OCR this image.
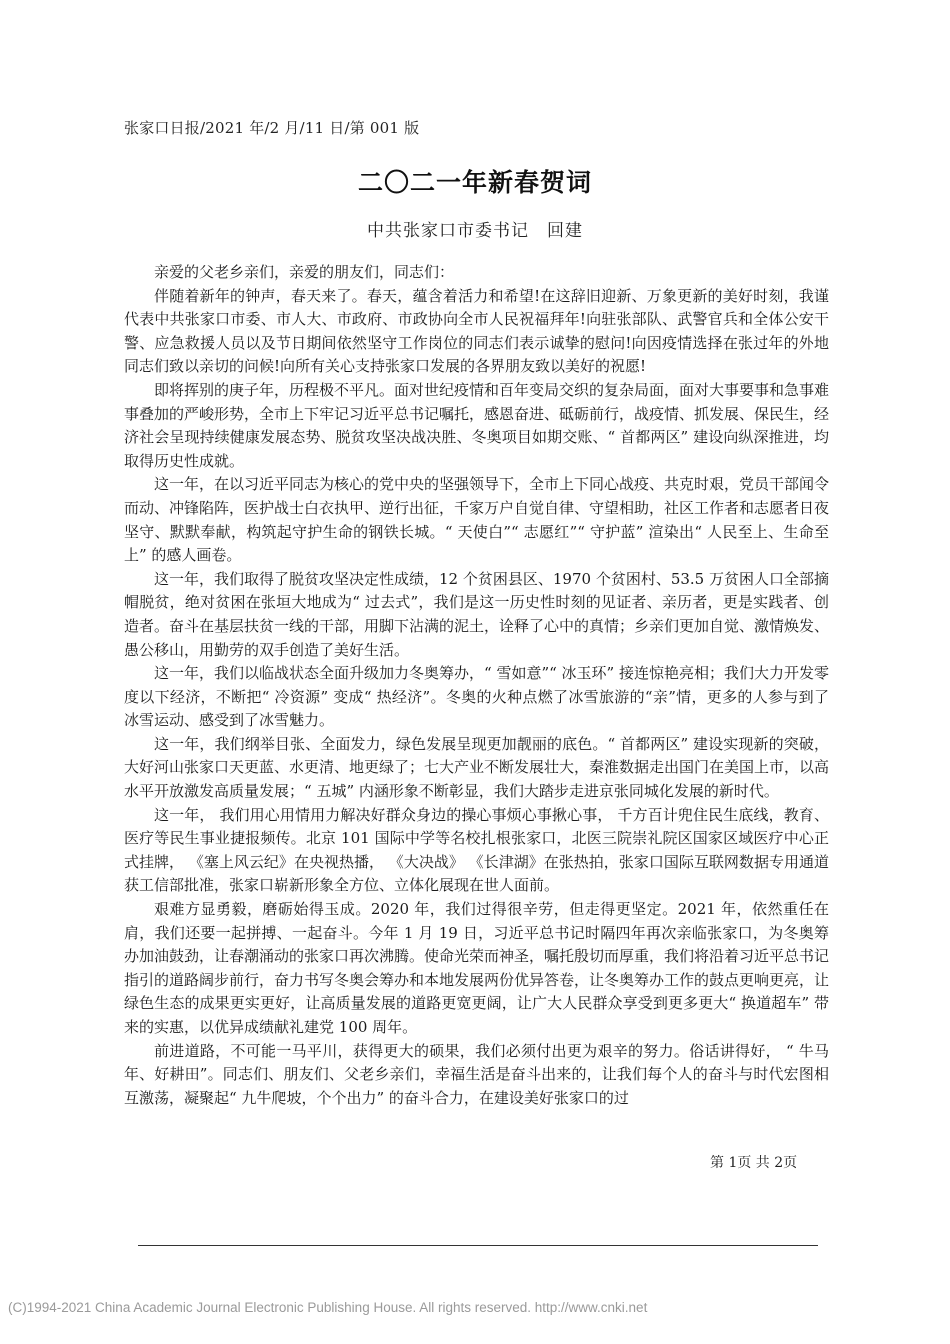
张家口日报/2021 年/2 月/11 日/第 001 版
二〇二一年新春贺词
中共张家口市委书记　回建

亲爱的父老乡亲们，亲爱的朋友们，同志们：

伴随着新年的钟声，春天来了。春天，蕴含着活力和希望!在这辞旧迎新、万象更新的美好时刻，我谨代表中共张家口市委、市人大、市政府、市政协向全市人民祝福拜年!向驻张部队、武警官兵和全体公安干警、应急救援人员以及节日期间依然坚守工作岗位的同志们表示诚挚的慰问!向因疫情选择在张过年的外地同志们致以亲切的问候!向所有关心支持张家口发展的各界朋友致以美好的祝愿!

即将挥别的庚子年，历程极不平凡。面对世纪疫情和百年变局交织的复杂局面，面对大事要事和急事难事叠加的严峻形势，全市上下牢记习近平总书记嘱托，感恩奋进、砥砺前行，战疫情、抓发展、保民生，经济社会呈现持续健康发展态势、脱贫攻坚决战决胜、冬奥项目如期交账、“ 首都两区” 建设向纵深推进，均取得历史性成就。

这一年，在以习近平同志为核心的党中央的坚强领导下，全市上下同心战疫、共克时艰，党员干部闻令而动、冲锋陷阵，医护战士白衣执甲、逆行出征，千家万户自觉自律、守望相助，社区工作者和志愿者日夜坚守、默默奉献，构筑起守护生命的钢铁长城。“ 天使白”“ 志愿红”“ 守护蓝” 渲染出“ 人民至上、生命至上” 的感人画卷。

这一年，我们取得了脱贫攻坚决定性成绩，12 个贫困县区、1970 个贫困村、53.5 万贫困人口全部摘帽脱贫，绝对贫困在张垣大地成为“ 过去式”，我们是这一历史性时刻的见证者、亲历者，更是实践者、创造者。奋斗在基层扶贫一线的干部，用脚下沾满的泥土，诠释了心中的真情；乡亲们更加自觉、激情焕发、愚公移山，用勤劳的双手创造了美好生活。

这一年，我们以临战状态全面升级加力冬奥筹办，“ 雪如意”“ 冰玉环” 接连惊艳亮相；我们大力开发零度以下经济，不断把“ 冷资源” 变成“ 热经济”。冬奥的火种点燃了冰雪旅游的“亲”情，更多的人参与到了冰雪运动、感受到了冰雪魅力。

这一年，我们纲举目张、全面发力，绿色发展呈现更加靓丽的底色。“ 首都两区” 建设实现新的突破，大好河山张家口天更蓝、水更清、地更绿了；七大产业不断发展壮大，秦淮数据走出国门在美国上市，以高水平开放激发高质量发展；“ 五城” 内涵形象不断彰显，我们大踏步走进京张同城化发展的新时代。

这一年， 我们用心用情用力解决好群众身边的操心事烦心事揪心事， 千方百计兜住民生底线，教育、医疗等民生事业捷报频传。北京 101 国际中学等名校扎根张家口，北医三院崇礼院区国家区域医疗中心正式挂牌， 《塞上风云纪》在央视热播， 《大决战》 《长津湖》在张热拍，张家口国际互联网数据专用通道获工信部批准，张家口崭新形象全方位、立体化展现在世人面前。

艰难方显勇毅，磨砺始得玉成。2020 年，我们过得很辛劳，但走得更坚定。2021 年，依然重任在肩，我们还要一起拼搏、一起奋斗。今年 1 月 19 日，习近平总书记时隔四年再次亲临张家口，为冬奥筹办加油鼓劲，让春潮涌动的张家口再次沸腾。使命光荣而神圣，嘱托殷切而厚重，我们将沿着习近平总书记指引的道路阔步前行，奋力书写冬奥会筹办和本地发展两份优异答卷，让冬奥筹办工作的鼓点更响更亮，让绿色生态的成果更实更好，让高质量发展的道路更宽更阔，让广大人民群众享受到更多更大“ 换道超车” 带来的实惠，以优异成绩献礼建党 100 周年。

前进道路，不可能一马平川，获得更大的硕果，我们必须付出更为艰辛的努力。俗话讲得好， “ 牛马年、好耕田”。同志们、朋友们、父老乡亲们，幸福生活是奋斗出来的，让我们每个人的奋斗与时代宏图相互激荡，凝聚起“ 九牛爬坡，个个出力” 的奋斗合力，在建设美好张家口的过

第 1页 共 2页
(C)1994-2021 China Academic Journal Electronic Publishing House. All rights reserved. http://www.cnki.net
